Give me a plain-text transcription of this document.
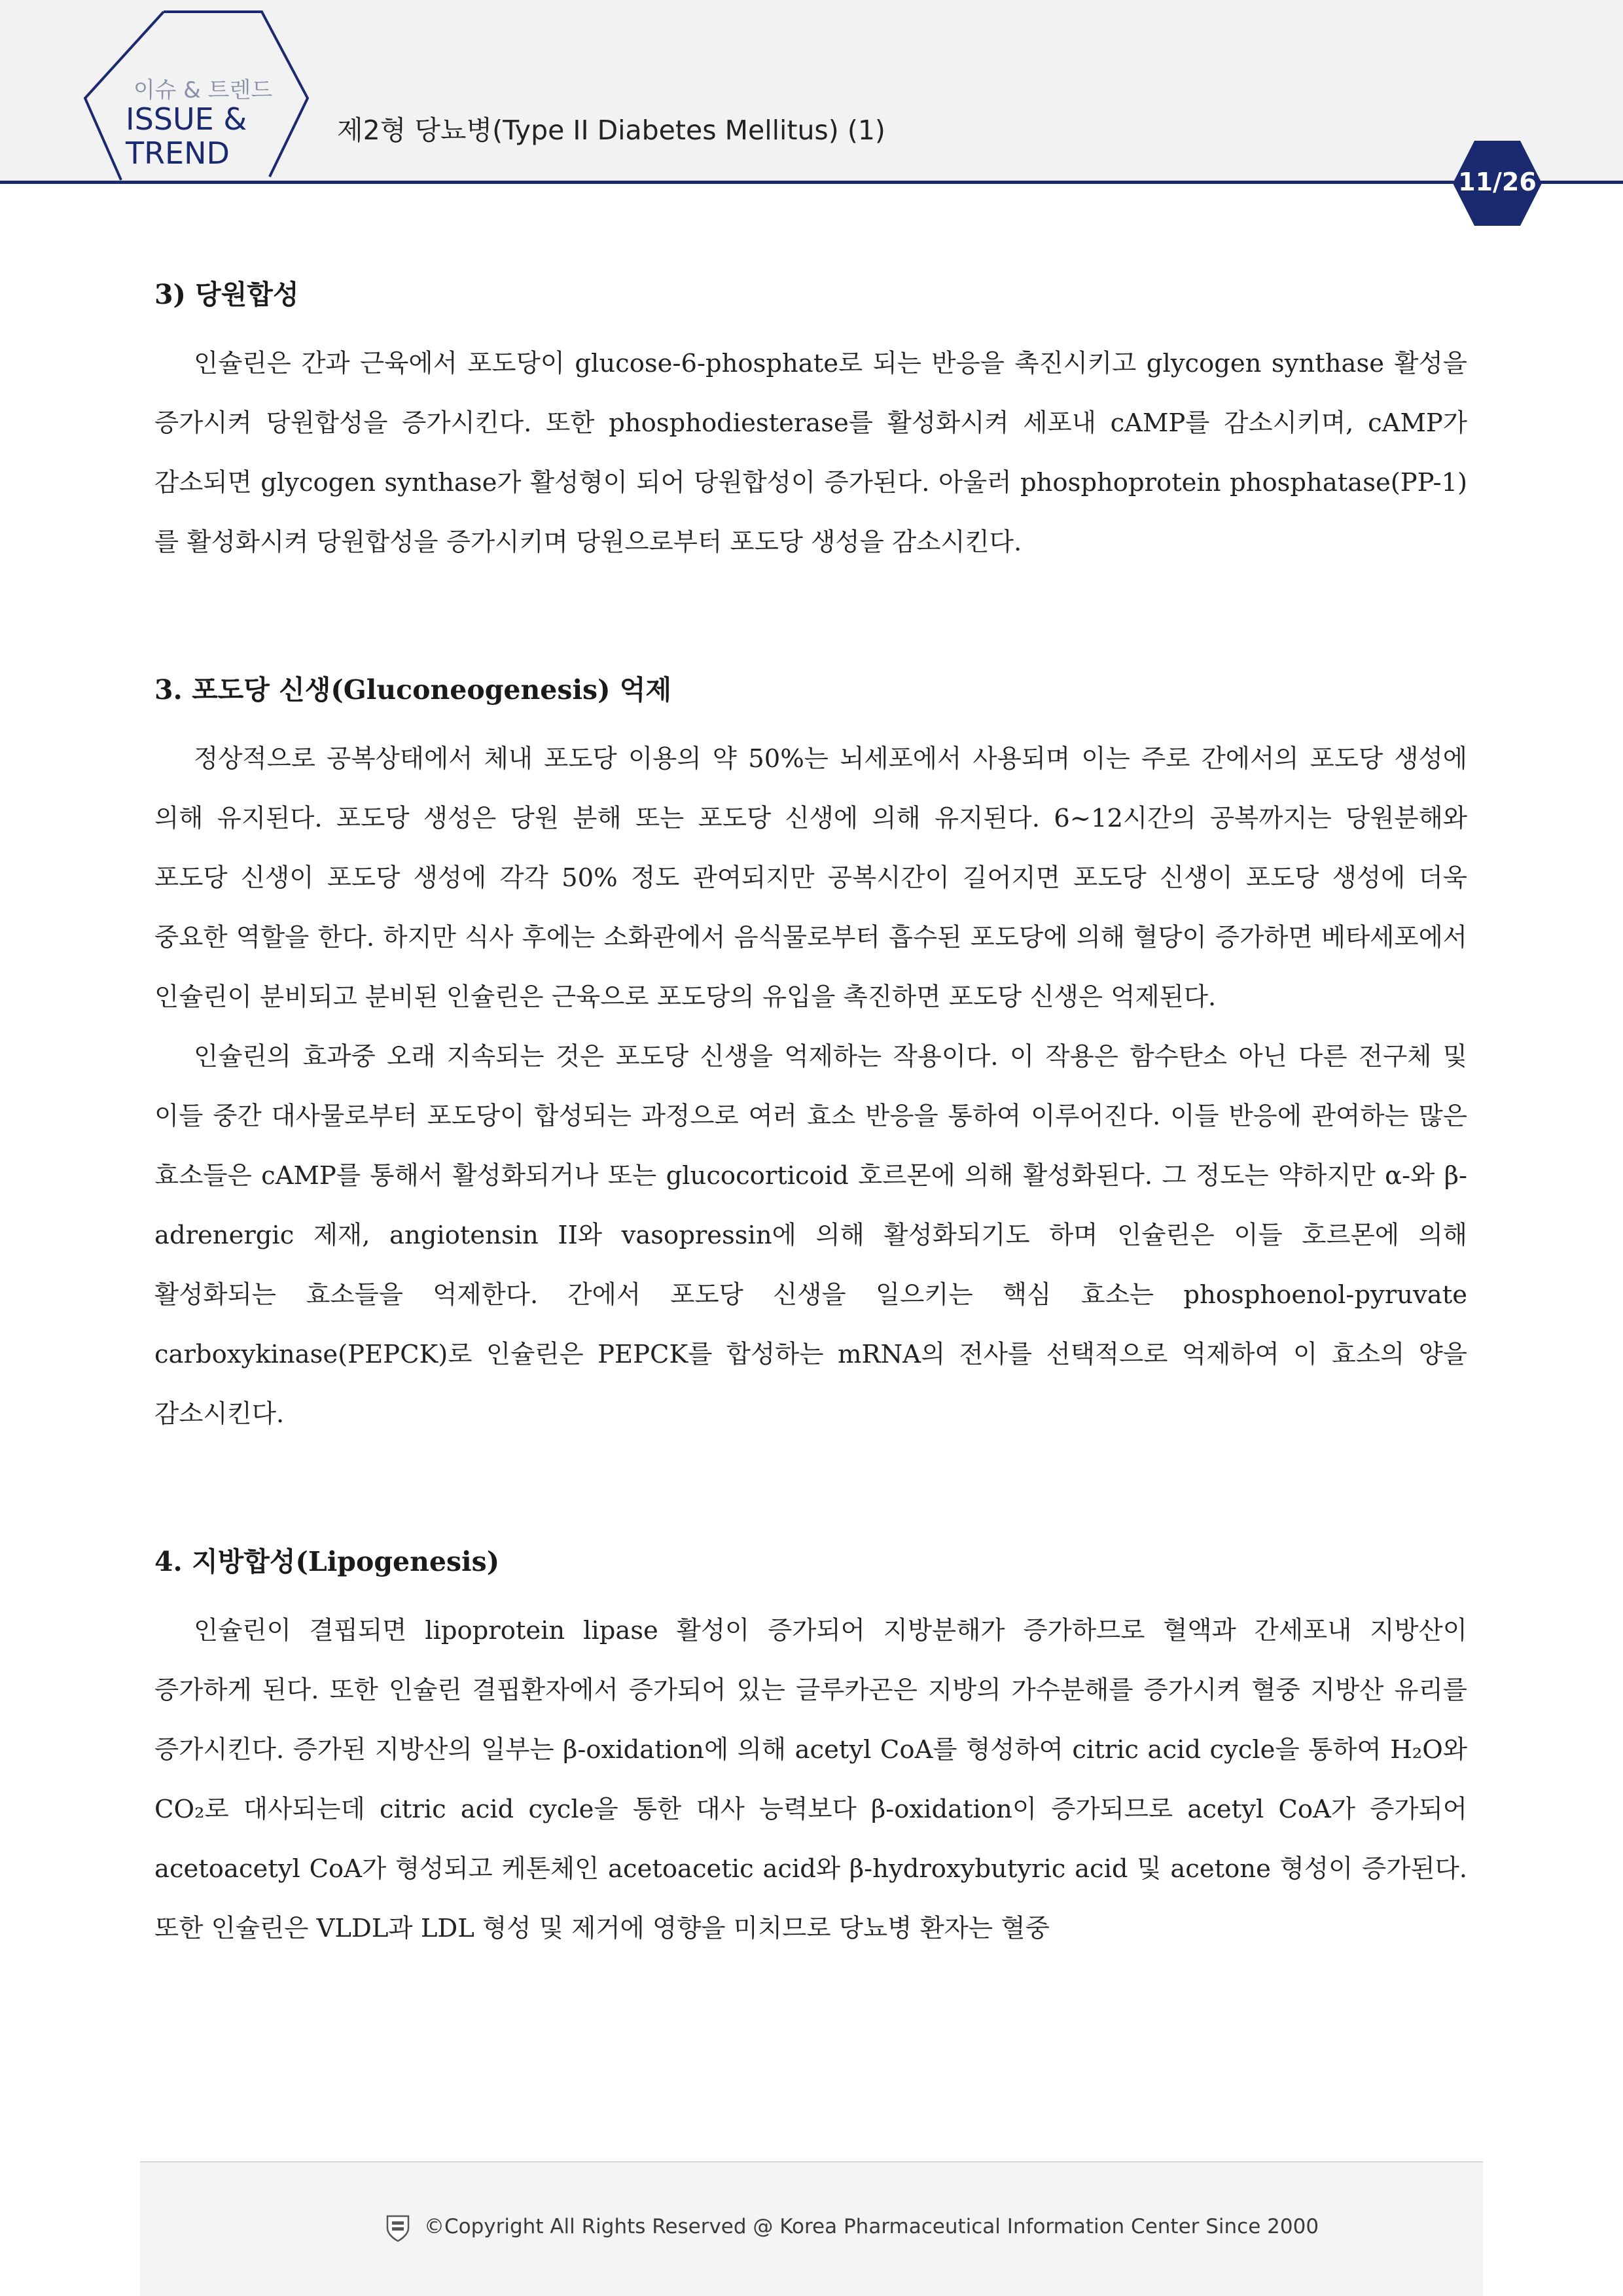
이슈 & 트렌드
ISSUE &
TREND
제2형 당뇨병(Type II Diabetes Mellitus) (1)
11/26
3) 당원합성

인슐린은 간과 근육에서 포도당이 glucose-6-phosphate로 되는 반응을 촉진시키고 glycogen synthase 활성을 증가시켜 당원합성을 증가시킨다. 또한 phosphodiesterase를 활성화시켜 세포내 cAMP를 감소시키며, cAMP가 감소되면 glycogen synthase가 활성형이 되어 당원합성이 증가된다. 아울러 phosphoprotein phosphatase(PP-1)를 활성화시켜 당원합성을 증가시키며 당원으로부터 포도당 생성을 감소시킨다.

3. 포도당 신생(Gluconeogenesis) 억제

정상적으로 공복상태에서 체내 포도당 이용의 약 50%는 뇌세포에서 사용되며 이는 주로 간에서의 포도당 생성에 의해 유지된다. 포도당 생성은 당원 분해 또는 포도당 신생에 의해 유지된다. 6~12시간의 공복까지는 당원분해와 포도당 신생이 포도당 생성에 각각 50% 정도 관여되지만 공복시간이 길어지면 포도당 신생이 포도당 생성에 더욱 중요한 역할을 한다. 하지만 식사 후에는 소화관에서 음식물로부터 흡수된 포도당에 의해 혈당이 증가하면 베타세포에서 인슐린이 분비되고 분비된 인슐린은 근육으로 포도당의 유입을 촉진하면 포도당 신생은 억제된다.

인슐린의 효과중 오래 지속되는 것은 포도당 신생을 억제하는 작용이다. 이 작용은 함수탄소 아닌 다른 전구체 및 이들 중간 대사물로부터 포도당이 합성되는 과정으로 여러 효소 반응을 통하여 이루어진다. 이들 반응에 관여하는 많은 효소들은 cAMP를 통해서 활성화되거나 또는 glucocorticoid 호르몬에 의해 활성화된다. 그 정도는 약하지만 α-와 β-adrenergic 제재, angiotensin II와 vasopressin에 의해 활성화되기도 하며 인슐린은 이들 호르몬에 의해 활성화되는 효소들을 억제한다. 간에서 포도당 신생을 일으키는 핵심 효소는 phosphoenol-pyruvate carboxykinase(PEPCK)로 인슐린은 PEPCK를 합성하는 mRNA의 전사를 선택적으로 억제하여 이 효소의 양을 감소시킨다.

4. 지방합성(Lipogenesis)

인슐린이 결핍되면 lipoprotein lipase 활성이 증가되어 지방분해가 증가하므로 혈액과 간세포내 지방산이 증가하게 된다. 또한 인슐린 결핍환자에서 증가되어 있는 글루카곤은 지방의 가수분해를 증가시켜 혈중 지방산 유리를 증가시킨다. 증가된 지방산의 일부는 β-oxidation에 의해 acetyl CoA를 형성하여 citric acid cycle을 통하여 H₂O와 CO₂로 대사되는데 citric acid cycle을 통한 대사 능력보다 β-oxidation이 증가되므로 acetyl CoA가 증가되어 acetoacetyl CoA가 형성되고 케톤체인 acetoacetic acid와 β-hydroxybutyric acid 및 acetone 형성이 증가된다. 또한 인슐린은 VLDL과 LDL 형성 및 제거에 영향을 미치므로 당뇨병 환자는 혈중

©Copyright All Rights Reserved @ Korea Pharmaceutical Information Center Since 2000
